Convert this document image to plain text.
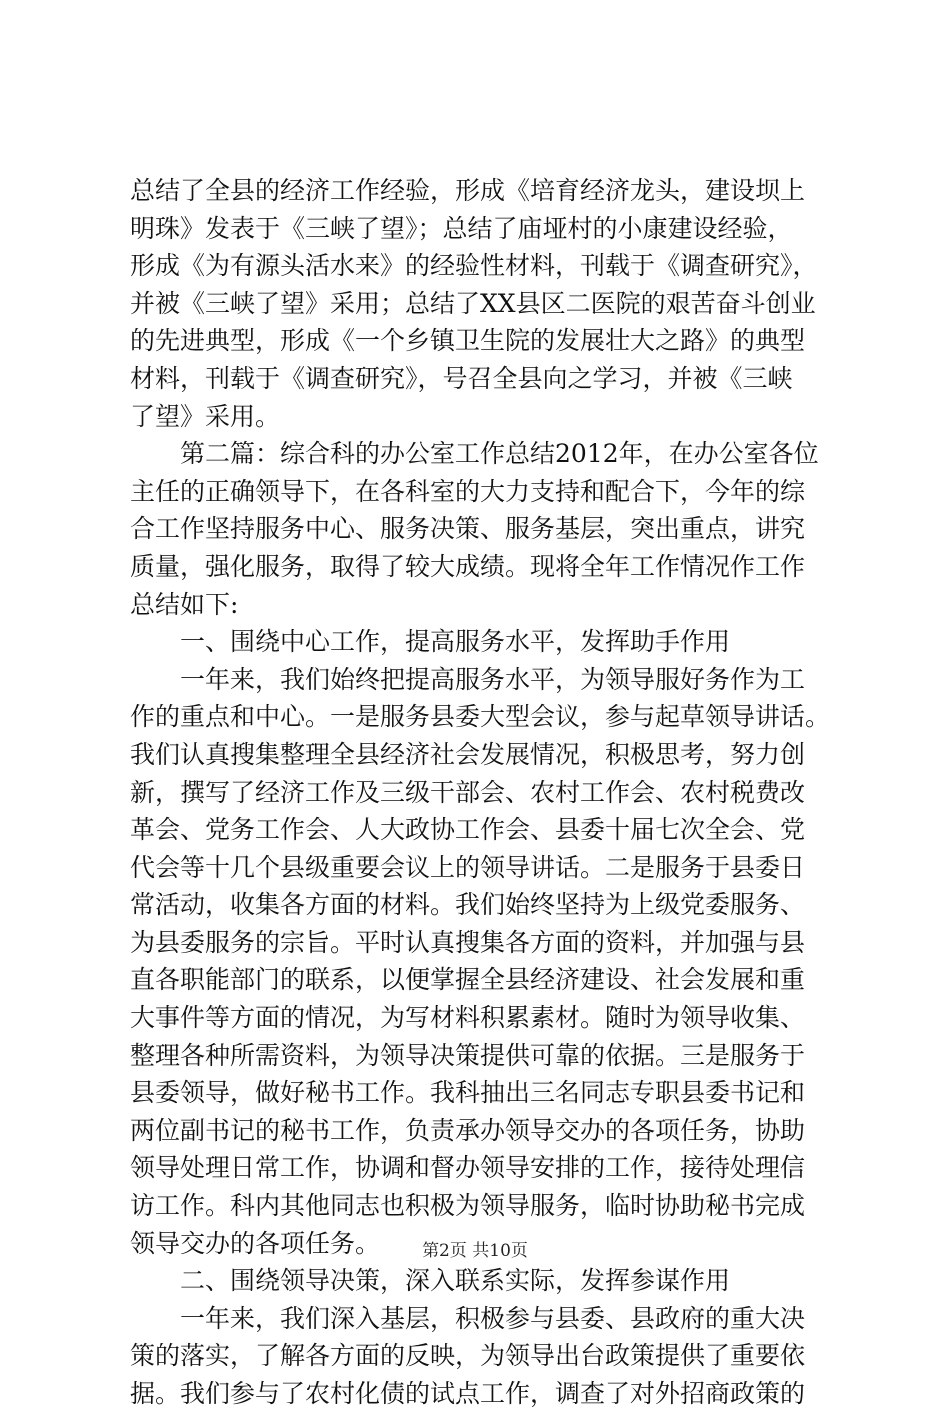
总结了全县的经济工作经验，形成《培育经济龙头，建设坝上
明珠》发表于《三峡了望》；总结了庙垭村的小康建设经验，
形成《为有源头活水来》的经验性材料，刊载于《调查研究》，
并被《三峡了望》采用；总结了XX县区二医院的艰苦奋斗创业
的先进典型，形成《一个乡镇卫生院的发展壮大之路》的典型
材料，刊载于《调查研究》，号召全县向之学习，并被《三峡
了望》采用。
第二篇：综合科的办公室工作总结2012年，在办公室各位
主任的正确领导下，在各科室的大力支持和配合下，今年的综
合工作坚持服务中心、服务决策、服务基层，突出重点，讲究
质量，强化服务，取得了较大成绩。现将全年工作情况作工作
总结如下:
一、围绕中心工作，提高服务水平，发挥助手作用
一年来，我们始终把提高服务水平，为领导服好务作为工
作的重点和中心。一是服务县委大型会议，参与起草领导讲话。
我们认真搜集整理全县经济社会发展情况，积极思考，努力创
新，撰写了经济工作及三级干部会、农村工作会、农村税费改
革会、党务工作会、人大政协工作会、县委十届七次全会、党
代会等十几个县级重要会议上的领导讲话。二是服务于县委日
常活动，收集各方面的材料。我们始终坚持为上级党委服务、
为县委服务的宗旨。平时认真搜集各方面的资料，并加强与县
直各职能部门的联系，以便掌握全县经济建设、社会发展和重
大事件等方面的情况，为写材料积累素材。随时为领导收集、
整理各种所需资料，为领导决策提供可靠的依据。三是服务于
县委领导，做好秘书工作。我科抽出三名同志专职县委书记和
两位副书记的秘书工作，负责承办领导交办的各项任务，协助
领导处理日常工作，协调和督办领导安排的工作，接待处理信
访工作。科内其他同志也积极为领导服务，临时协助秘书完成
领导交办的各项任务。
二、围绕领导决策，深入联系实际，发挥参谋作用
一年来，我们深入基层，积极参与县委、县政府的重大决
策的落实，了解各方面的反映，为领导出台政策提供了重要依
据。我们参与了农村化债的试点工作，调查了对外招商政策的
第2页 共10页
